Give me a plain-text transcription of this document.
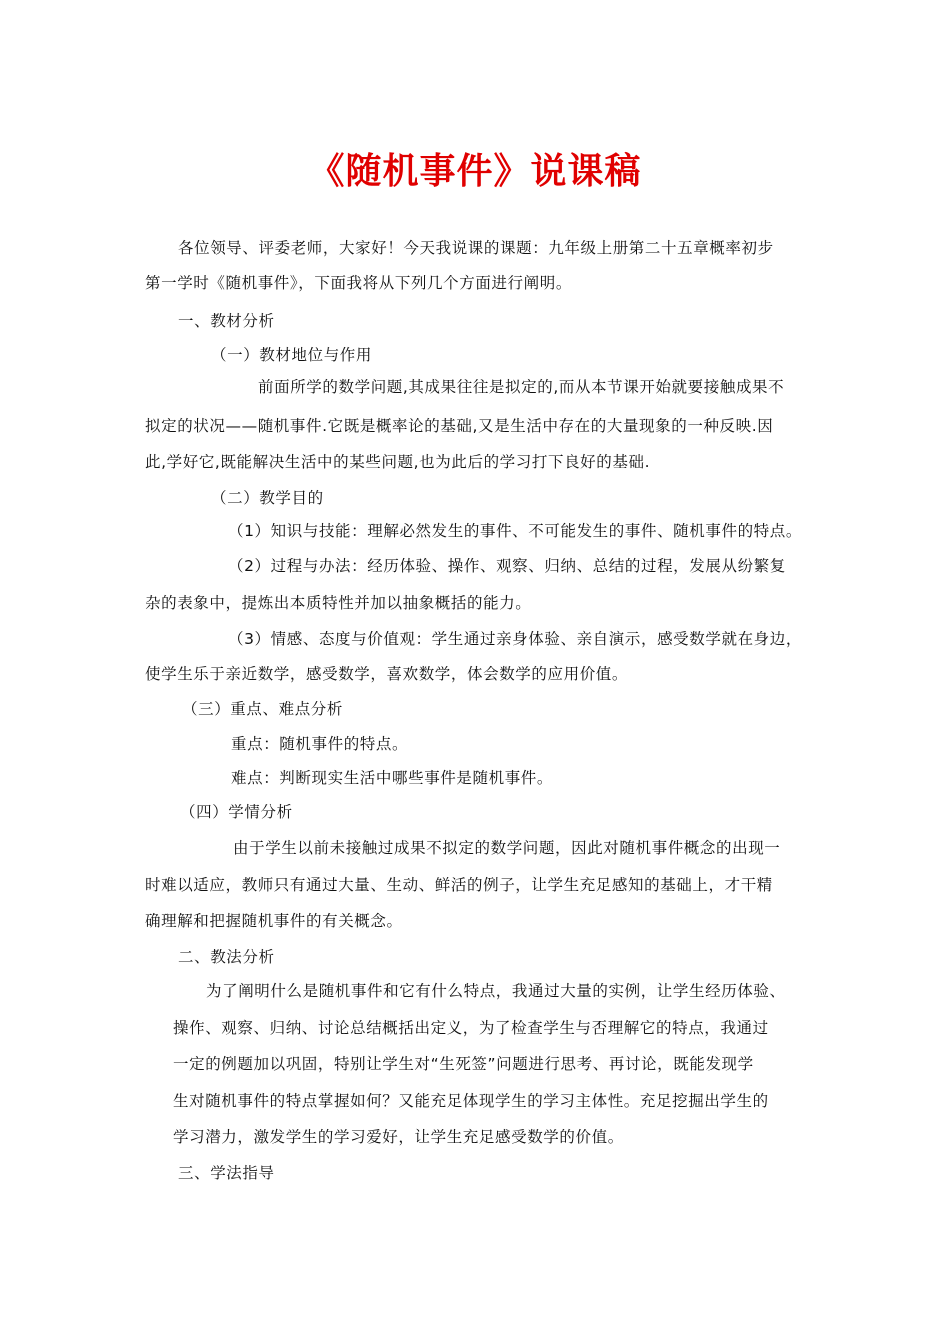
《随机事件》说课稿
各位领导、评委老师，大家好！今天我说课的课题：九年级上册第二十五章概率初步
第一学时《随机事件》，下面我将从下列几个方面进行阐明。
一、教材分析
（一）教材地位与作用
前面所学的数学问题,其成果往往是拟定的,而从本节课开始就要接触成果不
拟定的状况——随机事件.它既是概率论的基础,又是生活中存在的大量现象的一种反映.因
此,学好它,既能解决生活中的某些问题,也为此后的学习打下良好的基础.
（二）教学目的
（1）知识与技能：理解必然发生的事件、不可能发生的事件、随机事件的特点。
（2）过程与办法：经历体验、操作、观察、归纳、总结的过程，发展从纷繁复
杂的表象中，提炼出本质特性并加以抽象概括的能力。
（3）情感、态度与价值观：学生通过亲身体验、亲自演示，感受数学就在身边，
使学生乐于亲近数学，感受数学，喜欢数学，体会数学的应用价值。
（三）重点、难点分析
重点：随机事件的特点。
难点：判断现实生活中哪些事件是随机事件。
（四）学情分析
由于学生以前未接触过成果不拟定的数学问题，因此对随机事件概念的出现一
时难以适应，教师只有通过大量、生动、鲜活的例子，让学生充足感知的基础上，才干精
确理解和把握随机事件的有关概念。
二、教法分析
为了阐明什么是随机事件和它有什么特点，我通过大量的实例，让学生经历体验、
操作、观察、归纳、讨论总结概括出定义，为了检查学生与否理解它的特点，我通过
一定的例题加以巩固，特别让学生对“生死签”问题进行思考、再讨论，既能发现学
生对随机事件的特点掌握如何？又能充足体现学生的学习主体性。充足挖掘出学生的
学习潜力，激发学生的学习爱好，让学生充足感受数学的价值。
三、学法指导
